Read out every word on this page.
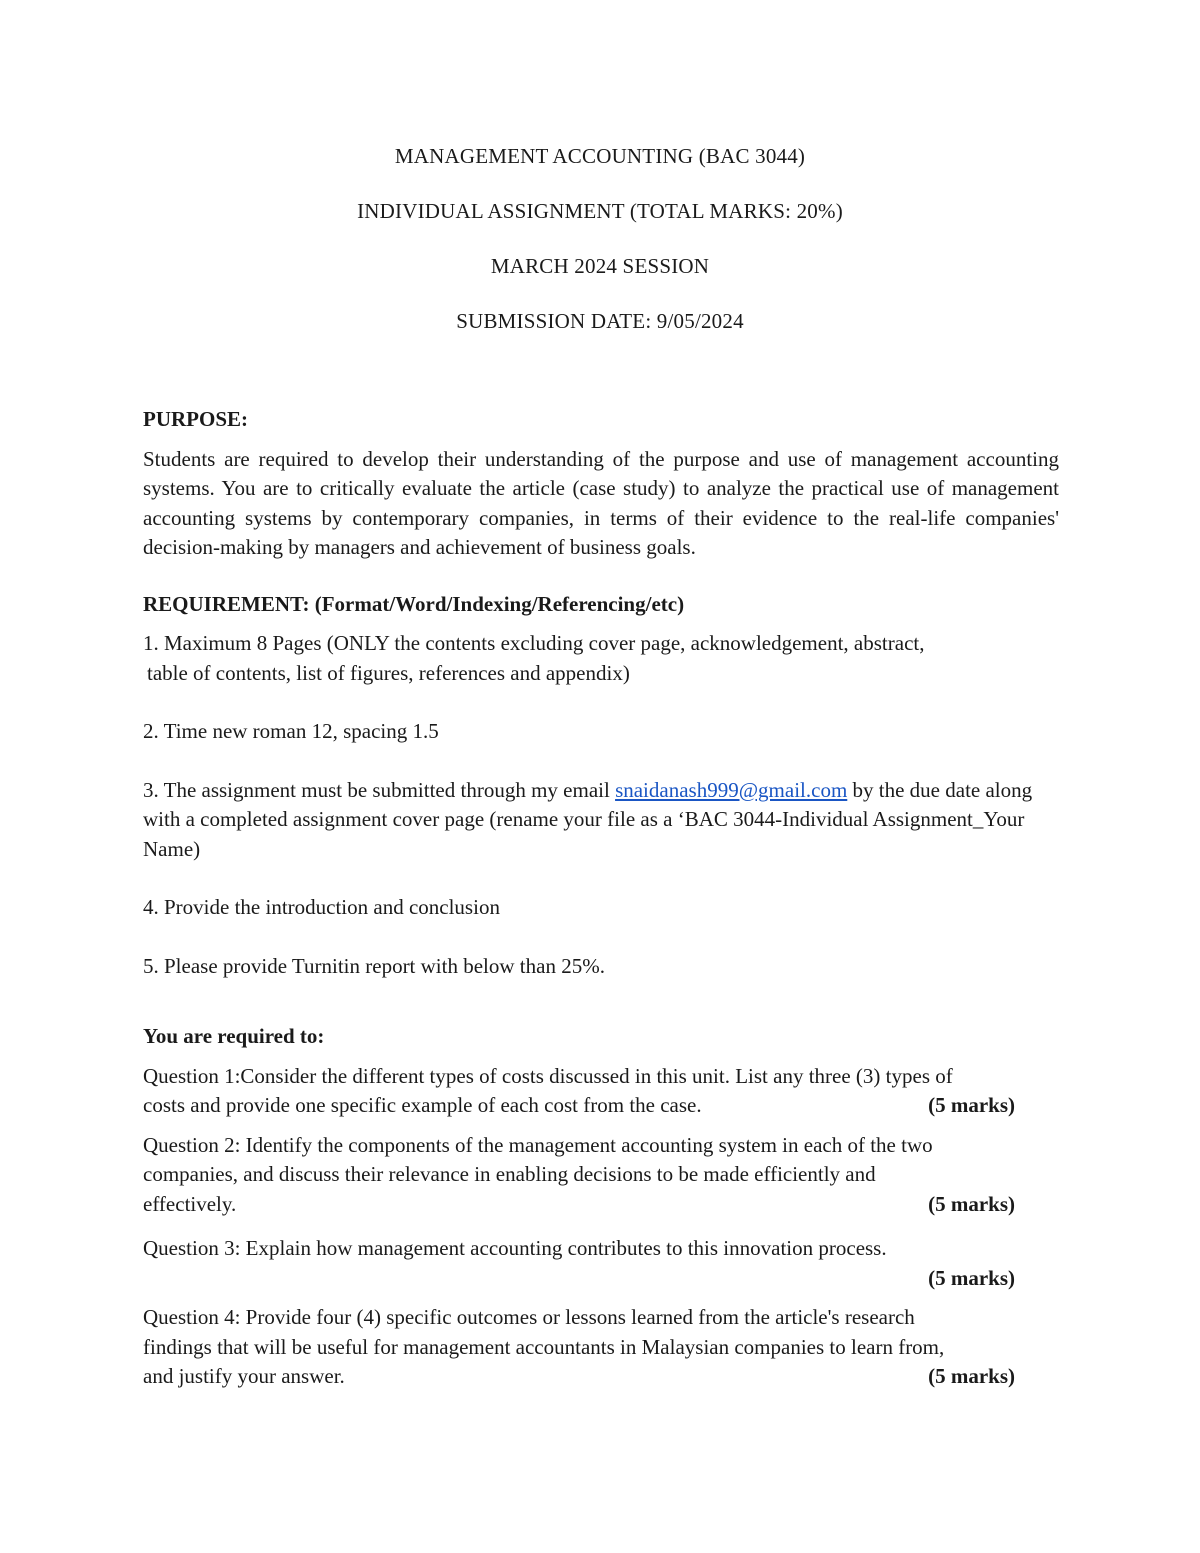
MANAGEMENT ACCOUNTING (BAC 3044)
INDIVIDUAL ASSIGNMENT (TOTAL MARKS: 20%)
MARCH 2024 SESSION
SUBMISSION DATE: 9/05/2024
PURPOSE:
Students are required to develop their understanding of the purpose and use of management accounting systems. You are to critically evaluate the article (case study) to analyze the practical use of management accounting systems by contemporary companies, in terms of their evidence to the real-life companies' decision-making by managers and achievement of business goals.
REQUIREMENT: (Format/Word/Indexing/Referencing/etc)
1. Maximum 8 Pages (ONLY the contents excluding cover page, acknowledgement, abstract,

table of contents, list of figures, references and appendix)
2. Time new roman 12, spacing 1.5
3. The assignment must be submitted through my email snaidanash999@gmail.com by the due date along with a completed assignment cover page (rename your file as a ‘BAC 3044-Individual Assignment_Your Name)
4. Provide the introduction and conclusion
5. Please provide Turnitin report with below than 25%.
You are required to:
Question 1:Consider the different types of costs discussed in this unit. List any three (3) types of
costs and provide one specific example of each cost from the case.	(5 marks)
Question 2: Identify the components of the management accounting system in each of the two
companies, and discuss their relevance in enabling decisions to be made efficiently and
effectively.	(5 marks)
Question 3: Explain how management accounting contributes to this innovation process.
(5 marks)
Question 4: Provide four (4) specific outcomes or lessons learned from the article's research
findings that will be useful for management accountants in Malaysian companies to learn from,
and justify your answer.	(5 marks)
